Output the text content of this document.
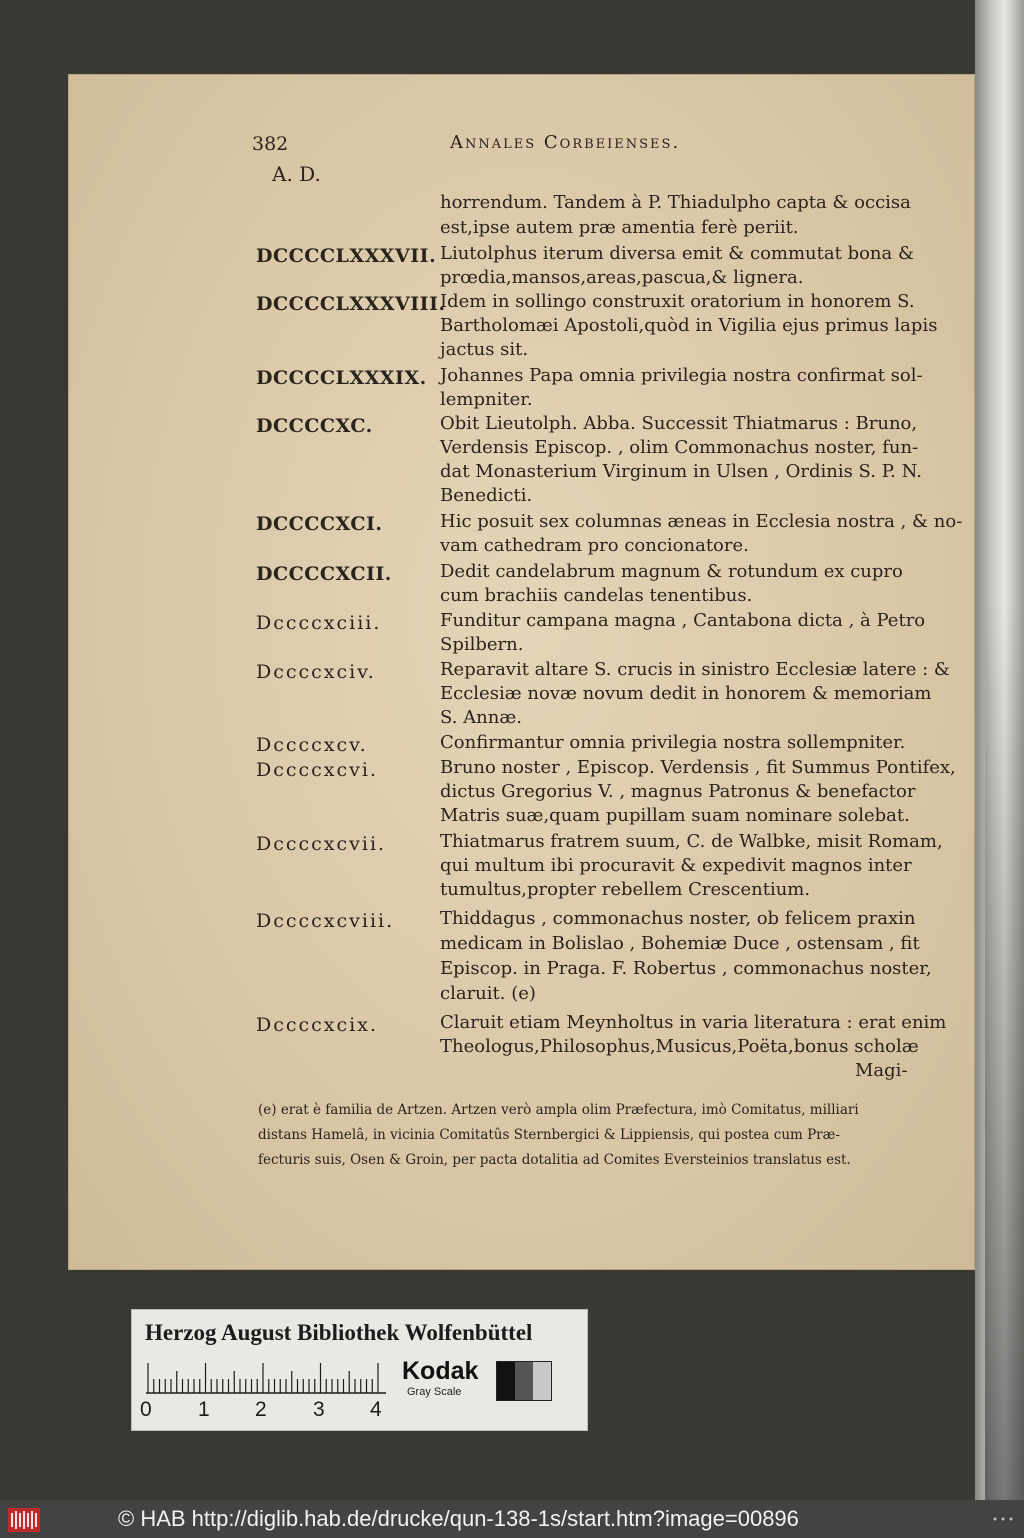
382	Annales Corbeienses.
A. D.
horrendum. Tandem à P. Thiadulpho capta & occisa
est,ipse autem præ amentia ferè periit.
DCCCCLXXXVII. Liutolphus iterum diversa emit & commutat bona &
prœdia,mansos,areas,pascua,& lignera.
DCCCCLXXXVIII.
Idem in sollingo construxit oratorium in honorem S.
Bartholomæi Apostoli,quòd in Vigilia ejus primus lapis
jactus sit.
DCCCCLXXXIX. Johannes Papa omnia privilegia nostra confirmat sol-
lempniter.
DCCCCXC.	Obit Lieutolph. Abba. Successit Thiatmarus : Bruno,
Verdensis Episcop. , olim Commonachus noster, fun-
dat Monasterium Virginum in Ulsen , Ordinis S. P. N.
Benedicti.
DCCCCXCI.	Hic posuit sex columnas æneas in Ecclesia nostra , & no-
vam cathedram pro concionatore.
DCCCCXCII.	Dedit candelabrum magnum & rotundum ex cupro
cum brachiis candelas tenentibus.
Dccccxciii.	Funditur campana magna , Cantabona dicta , à Petro
Spilbern.
Dccccxciv.	Reparavit altare S. crucis in sinistro Ecclesiæ latere : &
Ecclesiæ novæ novum dedit in honorem & memoriam
S. Annæ.
Dccccxcv.	Confirmantur omnia privilegia nostra sollempniter.
Dccccxcvi.	Bruno noster , Episcop. Verdensis , fit Summus Pontifex,
dictus Gregorius V. , magnus Patronus & benefactor
Matris suæ,quam pupillam suam nominare solebat.
Dccccxcvii.	Thiatmarus fratrem suum, C. de Walbke, misit Romam,
qui multum ibi procuravit & expedivit magnos inter
tumultus,propter rebellem Crescentium.
Dccccxcviii.	Thiddagus , commonachus noster, ob felicem praxin
medicam in Bolislao , Bohemiæ Duce , ostensam , fit
Episcop. in Praga. F. Robertus , commonachus noster,
claruit. (e)
Dccccxcix.	Claruit etiam Meynholtus in varia literatura : erat enim
Theologus,Philosophus,Musicus,Poëta,bonus scholæ
Magi-
(e) erat è familia de Artzen. Artzen verò ampla olim Præfectura, imò Comitatus, milliari
distans Hamelâ, in vicinia Comitatûs Sternbergici & Lippiensis, qui postea cum Præ-
fecturis suis, Osen & Groin, per pacta dotalitia ad Comites Eversteinios translatus est.
Herzog August Bibliothek Wolfenbüttel
0 1 2 3 4
Kodak
Gray Scale
© HAB http://diglib.hab.de/drucke/qun-138-1s/start.htm?image=00896
